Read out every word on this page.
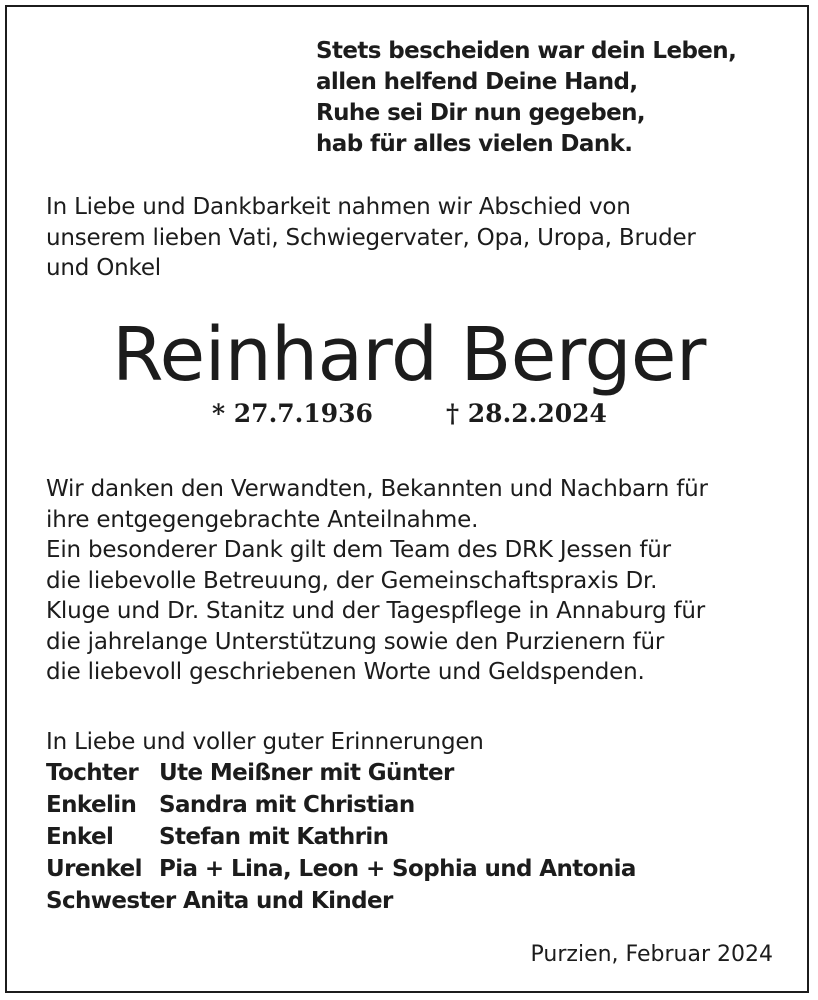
Stets bescheiden war dein Leben,
allen helfend Deine Hand,
Ruhe sei Dir nun gegeben,
hab für alles vielen Dank.
In Liebe und Dankbarkeit nahmen wir Abschied von
unserem lieben Vati, Schwiegervater, Opa, Uropa, Bruder
und Onkel
Reinhard Berger
* 27.7.1936	† 28.2.2024
Wir danken den Verwandten, Bekannten und Nachbarn für
ihre entgegengebrachte Anteilnahme.
Ein besonderer Dank gilt dem Team des DRK Jessen für
die liebevolle Betreuung, der Gemeinschaftspraxis Dr.
Kluge und Dr. Stanitz und der Tagespflege in Annaburg für
die jahrelange Unterstützung sowie den Purzienern für
die liebevoll geschriebenen Worte und Geldspenden.
In Liebe und voller guter Erinnerungen
Tochter Ute Meißner mit Günter
Enkelin Sandra mit Christian
Enkel	Stefan mit Kathrin
Urenkel Pia + Lina, Leon + Sophia und Antonia
Schwester Anita und Kinder
Purzien, Februar 2024
